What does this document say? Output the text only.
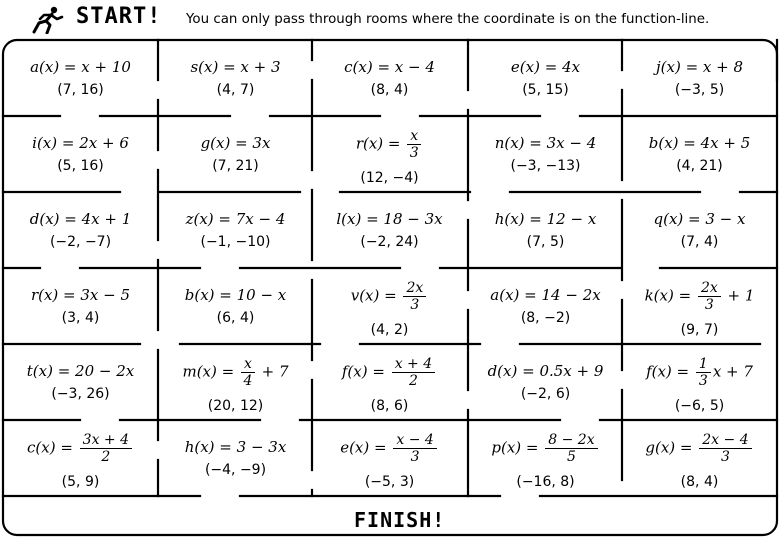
START! You can only pass through rooms where the coordinate is on the function-line.
a(x) = x + 10
(7, 16)
s(x) = x + 3
(4, 7)
c(x) = x − 4
(8, 4)
e(x) = 4x
(5, 15)
j(x) = x + 8
(−3, 5)
i(x) = 2x + 6
(5, 16)
g(x) = 3x
(7, 21)
$r(x) = \frac{x}{3}$
(12, −4)
n(x) = 3x − 4
(−3, −13)
b(x) = 4x + 5
(4, 21)
d(x) = 4x + 1
(−2, −7)
z(x) = 7x − 4
(−1, −10)
l(x) = 18 − 3x
(−2, 24)
h(x) = 12 − x
(7, 5)
q(x) = 3 − x
(7, 4)
r(x) = 3x − 5
(3, 4)
b(x) = 10 − x
(6, 4)
$v(x) = \frac{2x}{3}$
(4, 2)
a(x) = 14 − 2x
(8, −2)
$k(x) = \frac{2x}{3} + 1$
(9, 7)
t(x) = 20 − 2x
(−3, 26)
$m(x) = \frac{x}{4} + 7$
(20, 12)
$f(x) = \frac{x + 4}{2}$
(8, 6)
d(x) = 0.5x + 9
(−2, 6)
$f(x) = \frac{1}{3}$ x + 7
(−6, 5)
$c(x) = \frac{3x + 4}{2}$
(5, 9)
h(x) = 3 − 3x
(−4, −9)
$e(x) = \frac{x - 4}{3}$
(−5, 3)
$p(x) = \frac{8 - 2x}{5}$
(−16, 8)
$g(x) = \frac{2x - 4}{3}$
(8, 4)
FINISH!
